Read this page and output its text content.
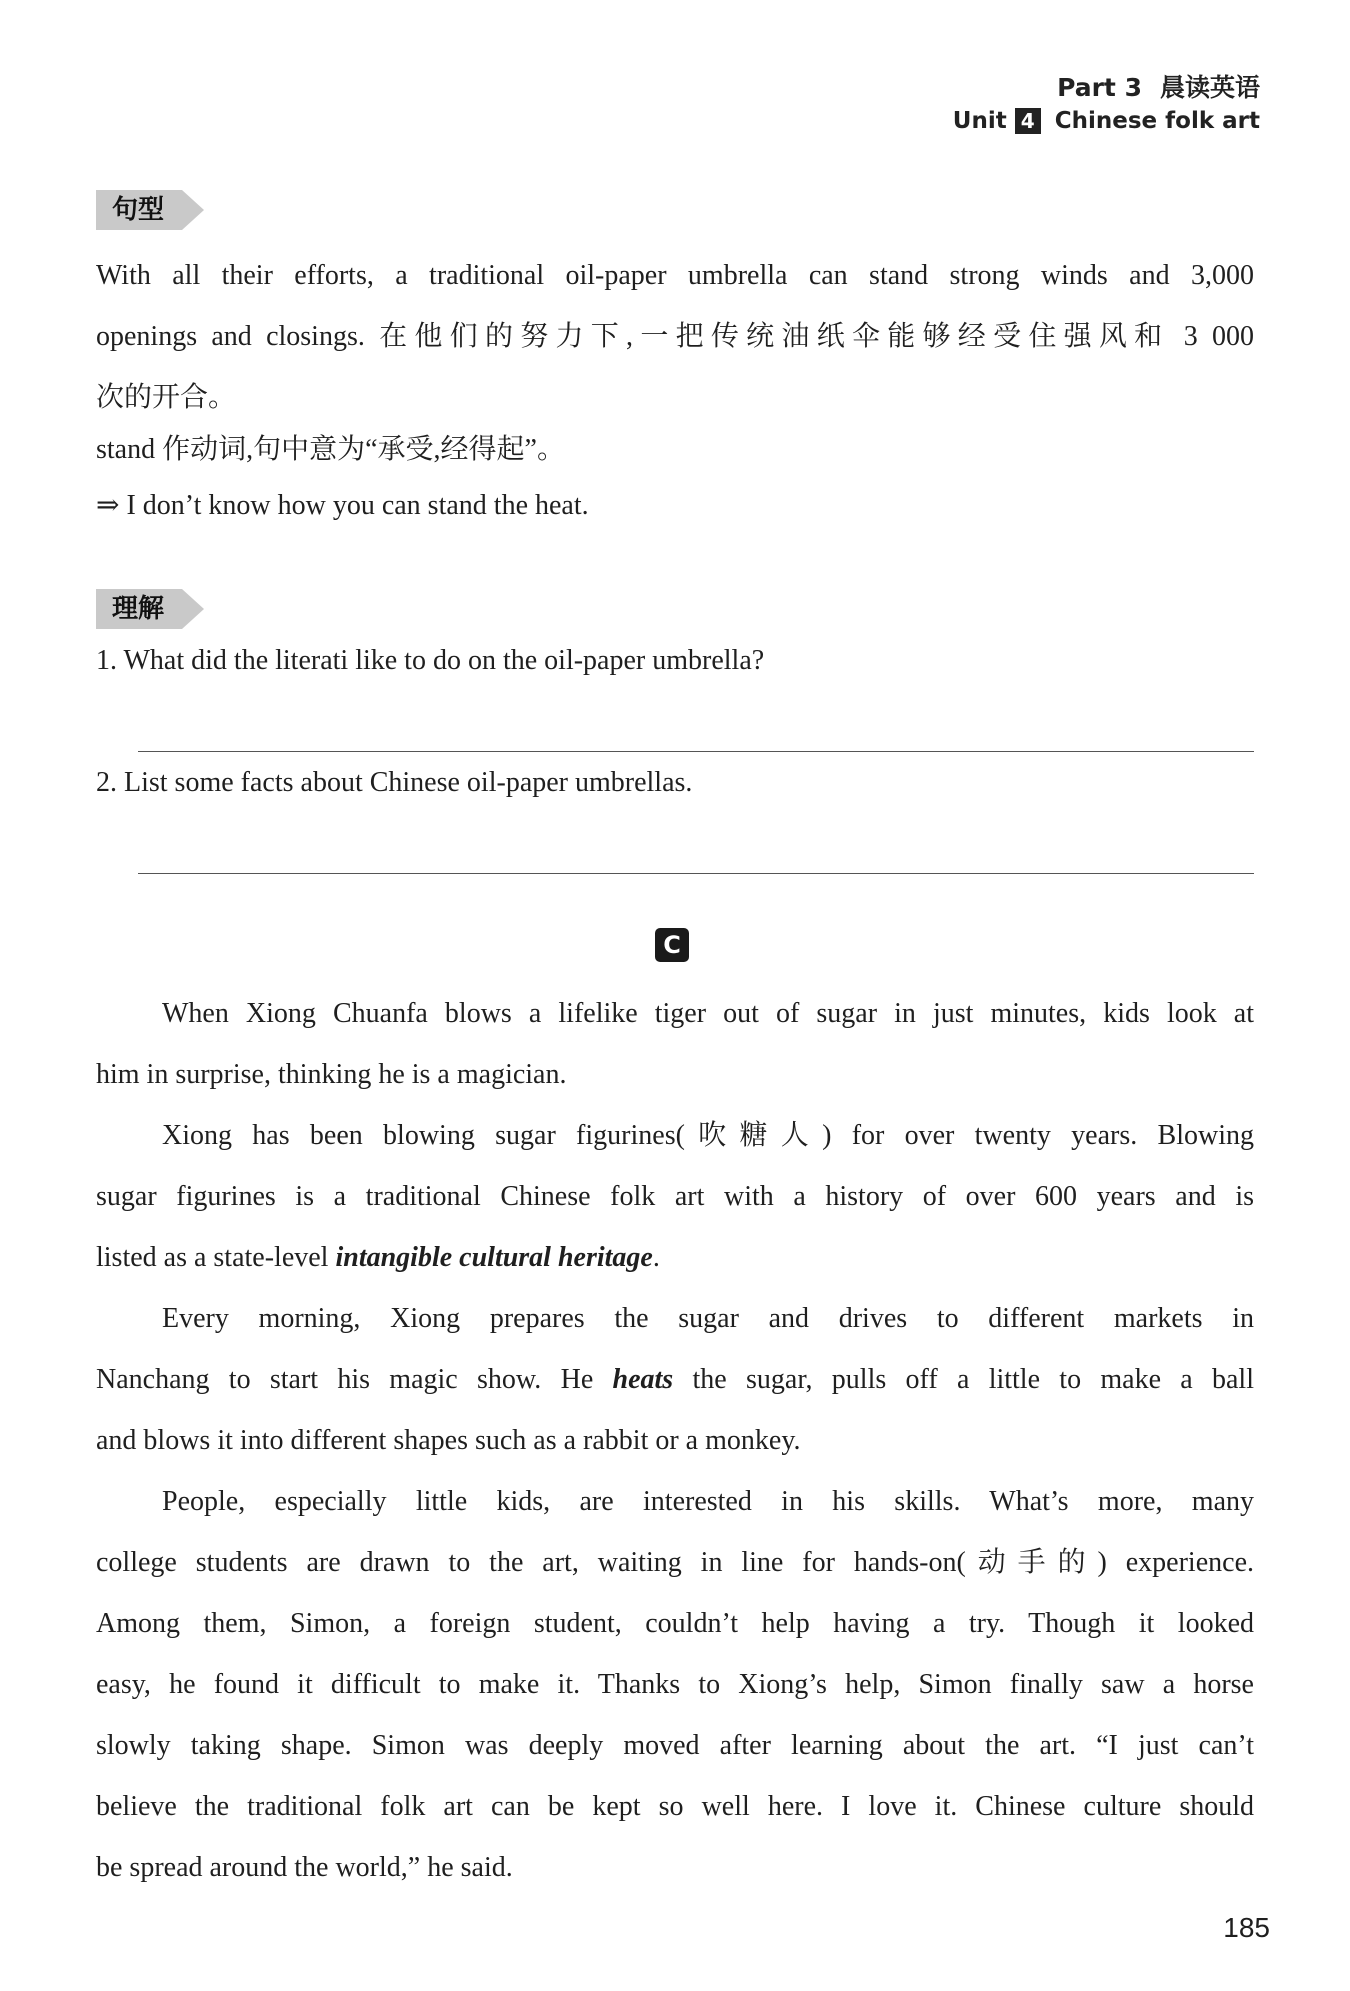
Part 3 晨读英语
Unit 4 Chinese folk art
句型
With all their efforts, a traditional oil-paper umbrella can stand strong winds and 3,000
openings and closings. 在他们的努力下,一把传统油纸伞能够经受住强风和 3 000
次的开合。

stand 作动词,句中意为“承受,经得起”。

⇒ I don’t know how you can stand the heat.

理解

1. What did the literati like to do on the oil-paper umbrella?

2. List some facts about Chinese oil-paper umbrellas.

C
When Xiong Chuanfa blows a lifelike tiger out of sugar in just minutes, kids look at
him in surprise, thinking he is a magician.
Xiong has been blowing sugar figurines(吹糖人) for over twenty years. Blowing
sugar figurines is a traditional Chinese folk art with a history of over 600 years and is
listed as a state-level intangible cultural heritage.
Every morning, Xiong prepares the sugar and drives to different markets in
Nanchang to start his magic show. He heats the sugar, pulls off a little to make a ball
and blows it into different shapes such as a rabbit or a monkey.
People, especially little kids, are interested in his skills. What’s more, many
college students are drawn to the art, waiting in line for hands-on(动手的) experience.
Among them, Simon, a foreign student, couldn’t help having a try. Though it looked
easy, he found it difficult to make it. Thanks to Xiong’s help, Simon finally saw a horse
slowly taking shape. Simon was deeply moved after learning about the art. “I just can’t
believe the traditional folk art can be kept so well here. I love it. Chinese culture should
be spread around the world,” he said.
185
